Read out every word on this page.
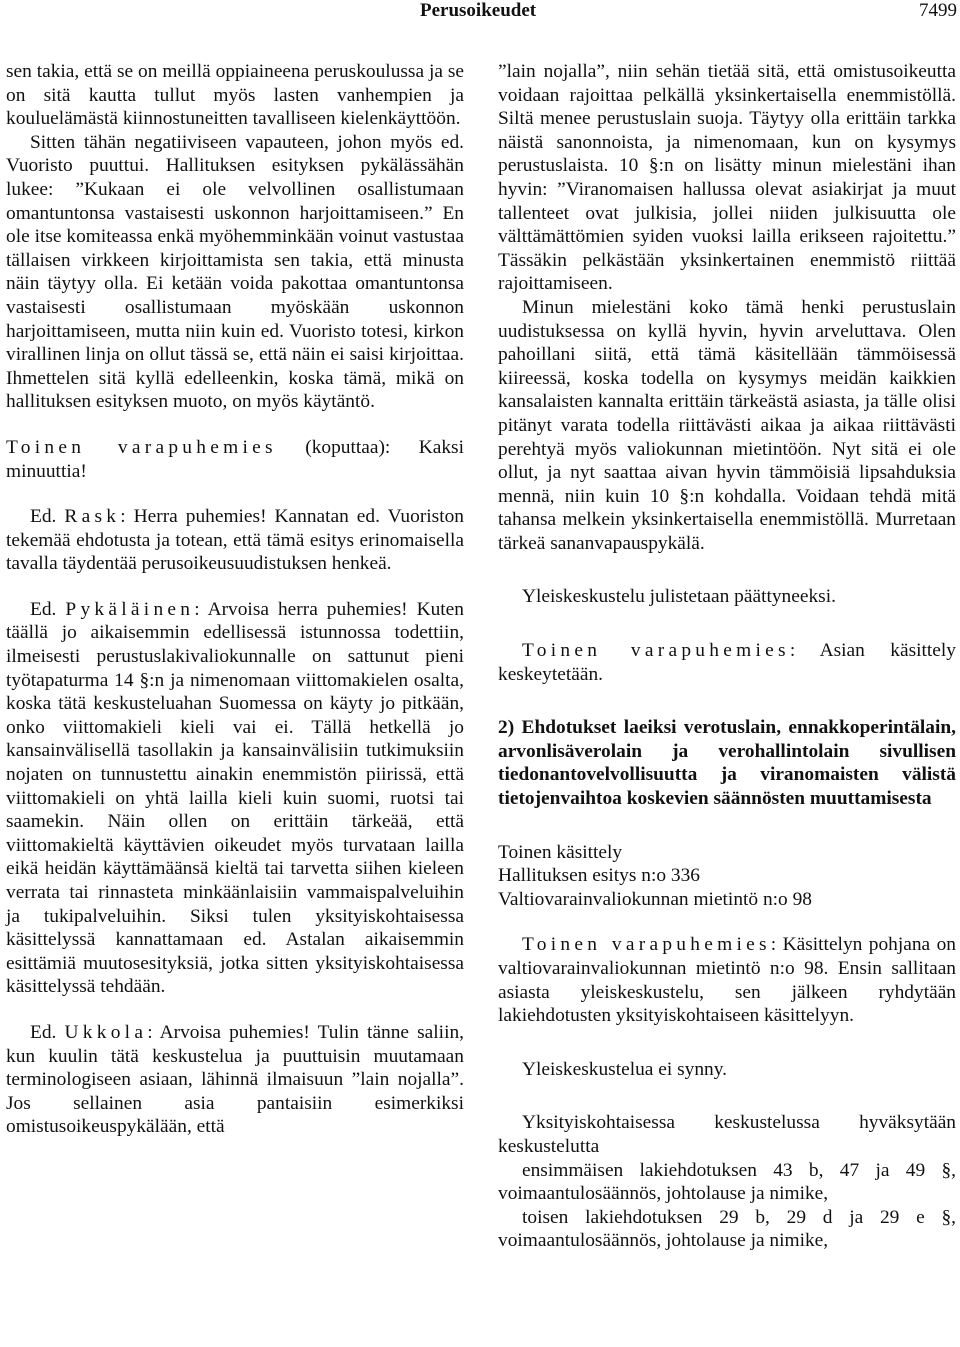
Perusoikeudet	7499

sen takia, että se on meillä oppiaineena peruskoulussa ja se on sitä kautta tullut myös lasten vanhempien ja kouluelämästä kiinnostuneitten tavalliseen kielenkäyttöön.

Sitten tähän negatiiviseen vapauteen, johon myös ed. Vuoristo puuttui. Hallituksen esityksen pykälässähän lukee: ”Kukaan ei ole velvollinen osallistumaan omantuntonsa vastaisesti uskonnon harjoittamiseen.” En ole itse komiteassa enkä myöhemminkään voinut vastustaa tällaisen virkkeen kirjoittamista sen takia, että minusta näin täytyy olla. Ei ketään voida pakottaa omantuntonsa vastaisesti osallistumaan myöskään uskonnon harjoittamiseen, mutta niin kuin ed. Vuoristo totesi, kirkon virallinen linja on ollut tässä se, että näin ei saisi kirjoittaa. Ihmettelen sitä kyllä edelleenkin, koska tämä, mikä on hallituksen esityksen muoto, on myös käytäntö.

Toinen varapuhemies (koputtaa): Kaksi minuuttia!

Ed. Rask: Herra puhemies! Kannatan ed. Vuoriston tekemää ehdotusta ja totean, että tämä esitys erinomaisella tavalla täydentää perusoikeusuudistuksen henkeä.

Ed. Pykäläinen: Arvoisa herra puhemies! Kuten täällä jo aikaisemmin edellisessä istunnossa todettiin, ilmeisesti perustuslakivaliokunnalle on sattunut pieni työtapaturma 14 §:n ja nimenomaan viittomakielen osalta, koska tätä keskusteluahan Suomessa on käyty jo pitkään, onko viittomakieli kieli vai ei. Tällä hetkellä jo kansainvälisellä tasollakin ja kansainvälisiin tutkimuksiin nojaten on tunnustettu ainakin enemmistön piirissä, että viittomakieli on yhtä lailla kieli kuin suomi, ruotsi tai saamekin. Näin ollen on erittäin tärkeää, että viittomakieltä käyttävien oikeudet myös turvataan lailla eikä heidän käyttämäänsä kieltä tai tarvetta siihen kieleen verrata tai rinnasteta minkäänlaisiin vammaispalveluihin ja tukipalveluihin. Siksi tulen yksityiskohtaisessa käsittelyssä kannattamaan ed. Astalan aikaisemmin esittämiä muutosesityksiä, jotka sitten yksityiskohtaisessa käsittelyssä tehdään.

Ed. Ukkola: Arvoisa puhemies! Tulin tänne saliin, kun kuulin tätä keskustelua ja puuttuisin muutamaan terminologiseen asiaan, lähinnä ilmaisuun ”lain nojalla”. Jos sellainen asia pantaisiin esimerkiksi omistusoikeuspykälään, että

”lain nojalla”, niin sehän tietää sitä, että omistusoikeutta voidaan rajoittaa pelkällä yksinkertaisella enemmistöllä. Siltä menee perustuslain suoja. Täytyy olla erittäin tarkka näistä sanonnoista, ja nimenomaan, kun on kysymys perustuslaista. 10 §:n on lisätty minun mielestäni ihan hyvin: ”Viranomaisen hallussa olevat asiakirjat ja muut tallenteet ovat julkisia, jollei niiden julkisuutta ole välttämättömien syiden vuoksi lailla erikseen rajoitettu.” Tässäkin pelkästään yksinkertainen enemmistö riittää rajoittamiseen.

Minun mielestäni koko tämä henki perustuslain uudistuksessa on kyllä hyvin, hyvin arveluttava. Olen pahoillani siitä, että tämä käsitellään tämmöisessä kiireessä, koska todella on kysymys meidän kaikkien kansalaisten kannalta erittäin tärkeästä asiasta, ja tälle olisi pitänyt varata todella riittävästi aikaa ja aikaa riittävästi perehtyä myös valiokunnan mietintöön. Nyt sitä ei ole ollut, ja nyt saattaa aivan hyvin tämmöisiä lipsahduksia mennä, niin kuin 10 §:n kohdalla. Voidaan tehdä mitä tahansa melkein yksinkertaisella enemmistöllä. Murretaan tärkeä sananvapauspykälä.

Yleiskeskustelu julistetaan päättyneeksi.

Toinen varapuhemies: Asian käsittely keskeytetään.

2) Ehdotukset laeiksi verotuslain, ennakkoperintälain, arvonlisäverolain ja verohallintolain sivullisen tiedonantovelvollisuutta ja viranomaisten välistä tietojenvaihtoa koskevien säännösten muuttamisesta

Toinen käsittely
Hallituksen esitys n:o 336
Valtiovarainvaliokunnan mietintö n:o 98

Toinen varapuhemies: Käsittelyn pohjana on valtiovarainvaliokunnan mietintö n:o 98. Ensin sallitaan asiasta yleiskeskustelu, sen jälkeen ryhdytään lakiehdotusten yksityiskohtaiseen käsittelyyn.

Yleiskeskustelua ei synny.

Yksityiskohtaisessa keskustelussa hyväksytään keskustelutta

ensimmäisen lakiehdotuksen 43 b, 47 ja 49 §, voimaantulosäännös, johtolause ja nimike,

toisen lakiehdotuksen 29 b, 29 d ja 29 e §, voimaantulosäännös, johtolause ja nimike,
